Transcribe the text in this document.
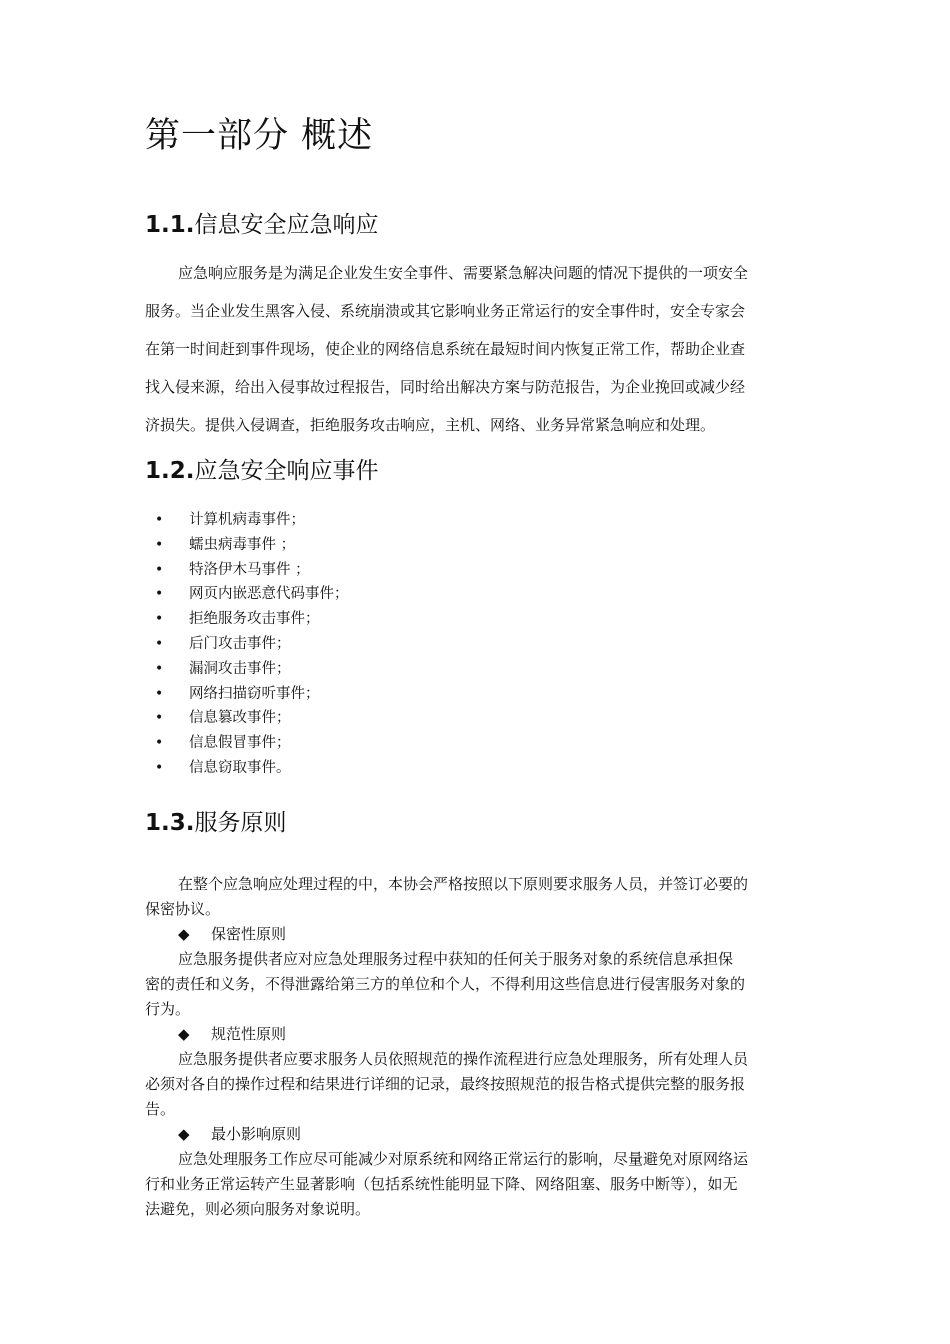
第一部分 概述
1.1.信息安全应急响应

应急响应服务是为满足企业发生安全事件、需要紧急解决问题的情况下提供的一项安全
服务。当企业发生黑客入侵、系统崩溃或其它影响业务正常运行的安全事件时，安全专家会
在第一时间赶到事件现场，使企业的网络信息系统在最短时间内恢复正常工作，帮助企业查
找入侵来源，给出入侵事故过程报告，同时给出解决方案与防范报告，为企业挽回或减少经
济损失。提供入侵调查，拒绝服务攻击响应，主机、网络、业务异常紧急响应和处理。

1.2.应急安全响应事件
• 计算机病毒事件；
• 蠕虫病毒事件 ；
• 特洛伊木马事件 ；
• 网页内嵌恶意代码事件；
• 拒绝服务攻击事件；
• 后门攻击事件；
• 漏洞攻击事件；
• 网络扫描窃听事件；
• 信息篡改事件；
• 信息假冒事件；
• 信息窃取事件。
1.3.服务原则
在整个应急响应处理过程的中，本协会严格按照以下原则要求服务人员，并签订必要的
保密协议。
◆ 保密性原则
应急服务提供者应对应急处理服务过程中获知的任何关于服务对象的系统信息承担保
密的责任和义务，不得泄露给第三方的单位和个人，不得利用这些信息进行侵害服务对象的
行为。
◆ 规范性原则
应急服务提供者应要求服务人员依照规范的操作流程进行应急处理服务，所有处理人员
必须对各自的操作过程和结果进行详细的记录，最终按照规范的报告格式提供完整的服务报
告。
◆ 最小影响原则
应急处理服务工作应尽可能减少对原系统和网络正常运行的影响，尽量避免对原网络运
行和业务正常运转产生显著影响（包括系统性能明显下降、网络阻塞、服务中断等），如无
法避免，则必须向服务对象说明。
